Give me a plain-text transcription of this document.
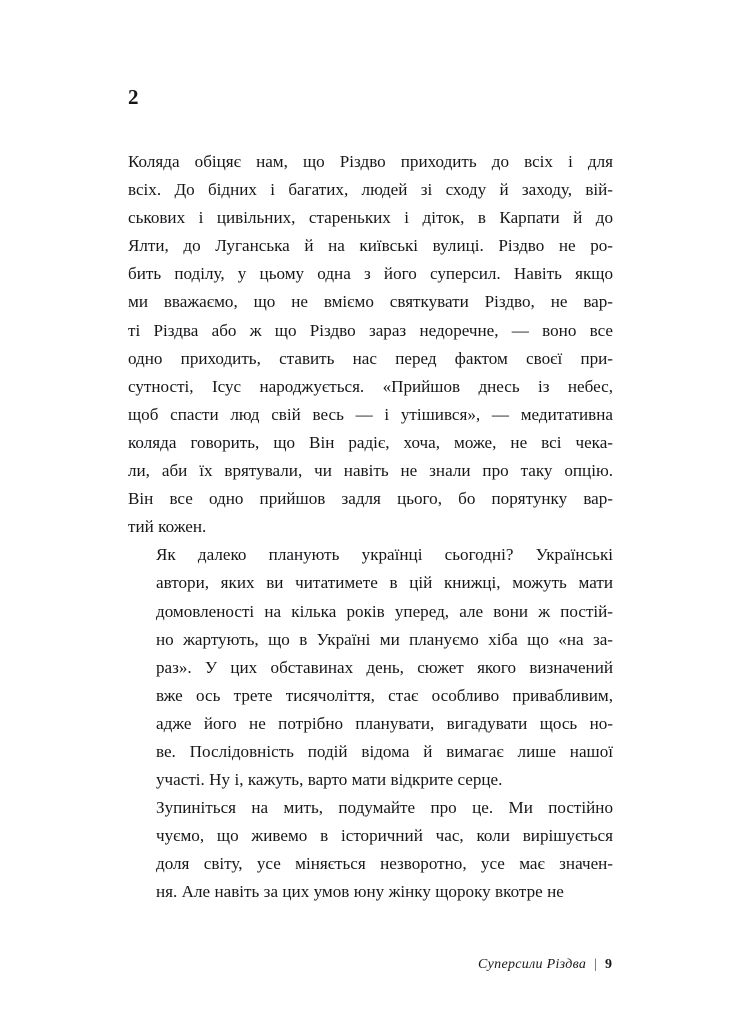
2

Коляда обіцяє нам, що Різдво приходить до всіх і для
всіх. До бідних і багатих, людей зі сходу й заходу, вій-
ськових і цивільних, стареньких і діток, в Карпати й до
Ялти, до Луганська й на київські вулиці. Різдво не ро-
бить поділу, у цьому одна з його суперсил. Навіть якщо
ми вважаємо, що не вміємо святкувати Різдво, не вар-
ті Різдва або ж що Різдво зараз недоречне, — воно все
одно приходить, ставить нас перед фактом своєї при-
сутності, Ісус народжується. «Прийшов днесь із небес,
щоб спасти люд свій весь — і утішився», — медитативна
коляда говорить, що Він радіє, хоча, може, не всі чека-
ли, аби їх врятували, чи навіть не знали про таку опцію.
Він все одно прийшов задля цього, бо порятунку вар-
тий кожен.

Як далеко планують українці сьогодні? Українські
автори, яких ви читатимете в цій книжці, можуть мати
домовленості на кілька років уперед, але вони ж постій-
но жартують, що в Україні ми плануємо хіба що «на за-
раз». У цих обставинах день, сюжет якого визначений
вже ось трете тисячоліття, стає особливо привабливим,
адже його не потрібно планувати, вигадувати щось но-
ве. Послідовність подій відома й вимагає лише нашої
участі. Ну і, кажуть, варто мати відкрите серце.

Зупиніться на мить, подумайте про це. Ми постійно
чуємо, що живемо в історичний час, коли вирішується
доля світу, усе міняється незворотно, усе має значен-
ня. Але навіть за цих умов юну жінку щороку вкотре не

Суперсили Різдва | 9
